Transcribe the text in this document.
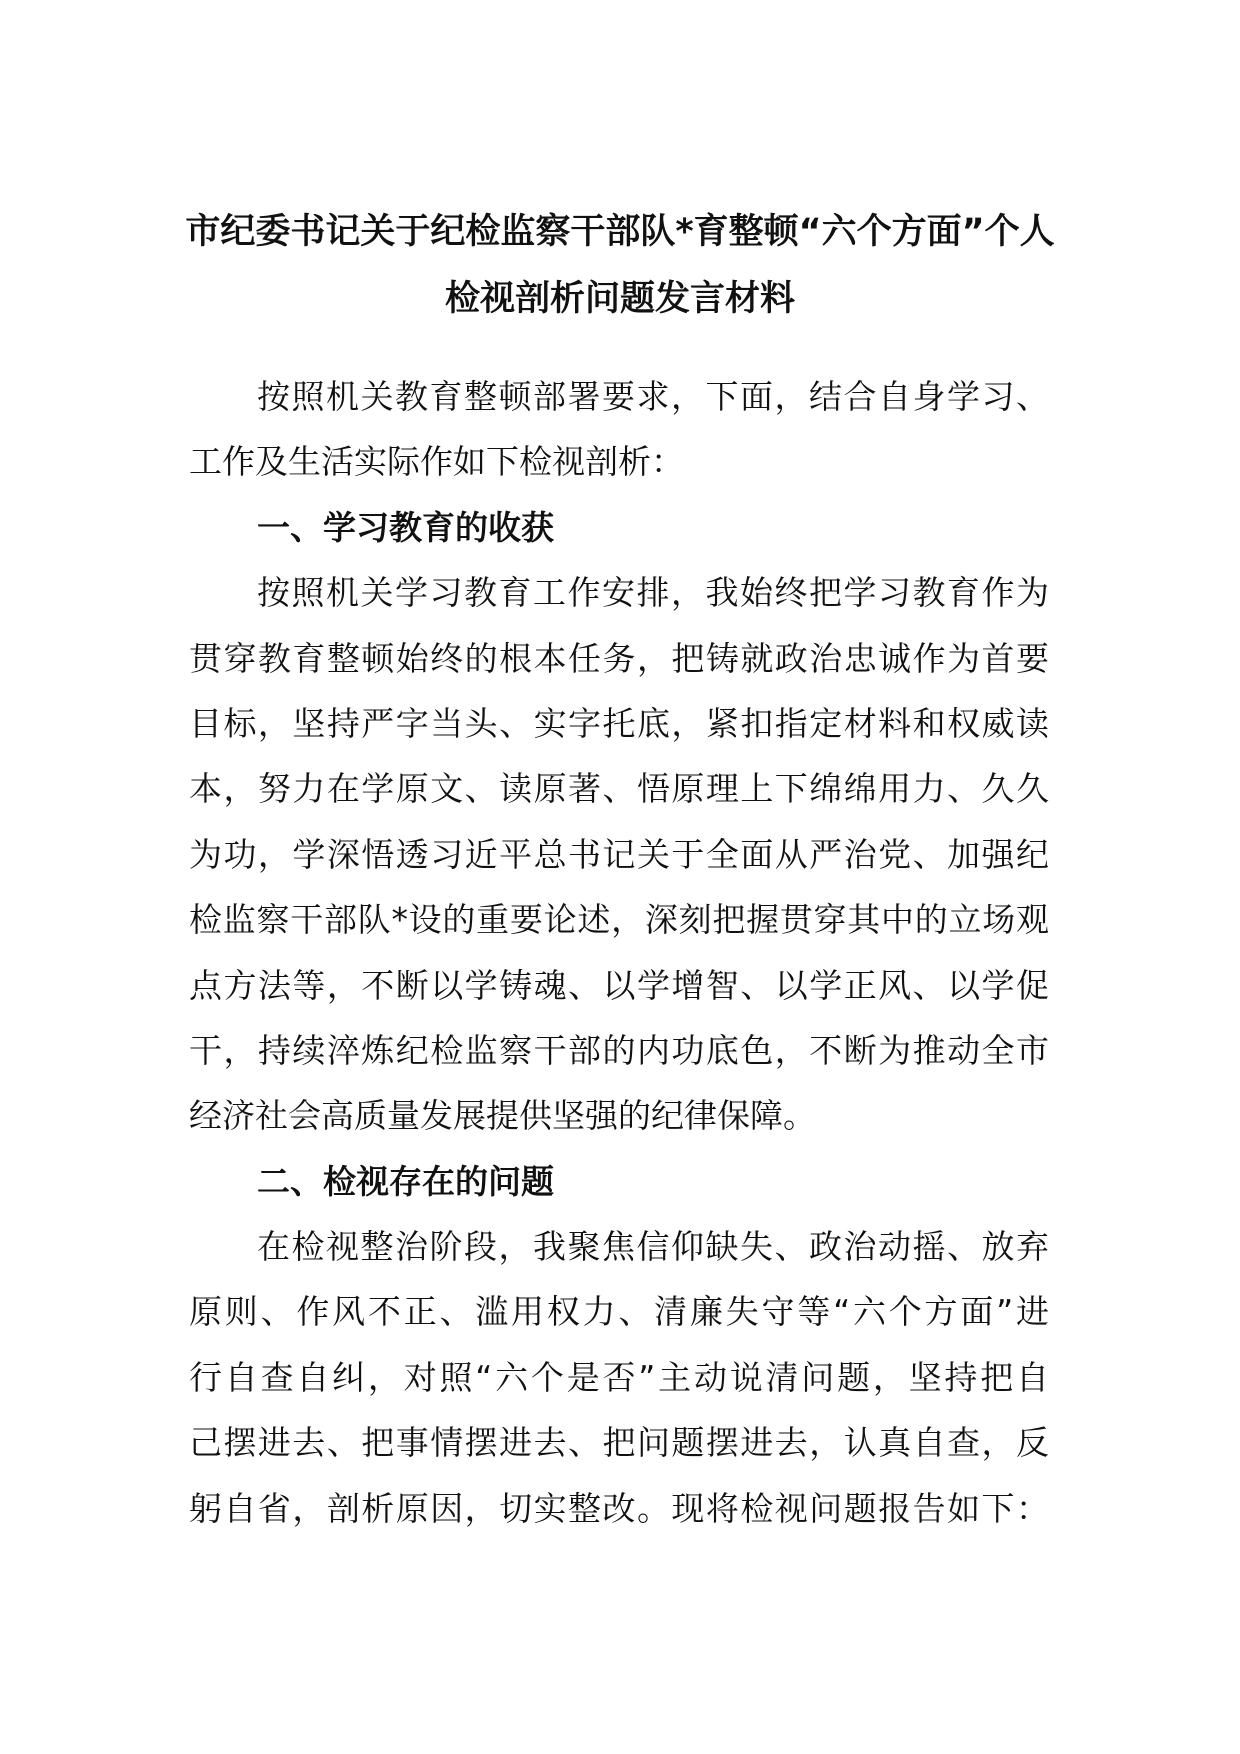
市纪委书记关于纪检监察干部队*育整顿“六个方面”个人
检视剖析问题发言材料
按照机关教育整顿部署要求，下面，结合自身学习、
工作及生活实际作如下检视剖析：
一、学习教育的收获
按照机关学习教育工作安排，我始终把学习教育作为
贯穿教育整顿始终的根本任务，把铸就政治忠诚作为首要
目标，坚持严字当头、实字托底，紧扣指定材料和权威读
本，努力在学原文、读原著、悟原理上下绵绵用力、久久
为功，学深悟透习近平总书记关于全面从严治党、加强纪
检监察干部队*设的重要论述，深刻把握贯穿其中的立场观
点方法等，不断以学铸魂、以学增智、以学正风、以学促
干，持续淬炼纪检监察干部的内功底色，不断为推动全市
经济社会高质量发展提供坚强的纪律保障。
二、检视存在的问题
在检视整治阶段，我聚焦信仰缺失、政治动摇、放弃
原则、作风不正、滥用权力、清廉失守等“六个方面”进
行自查自纠，对照“六个是否”主动说清问题，坚持把自
己摆进去、把事情摆进去、把问题摆进去，认真自查，反
躬自省，剖析原因，切实整改。现将检视问题报告如下：
